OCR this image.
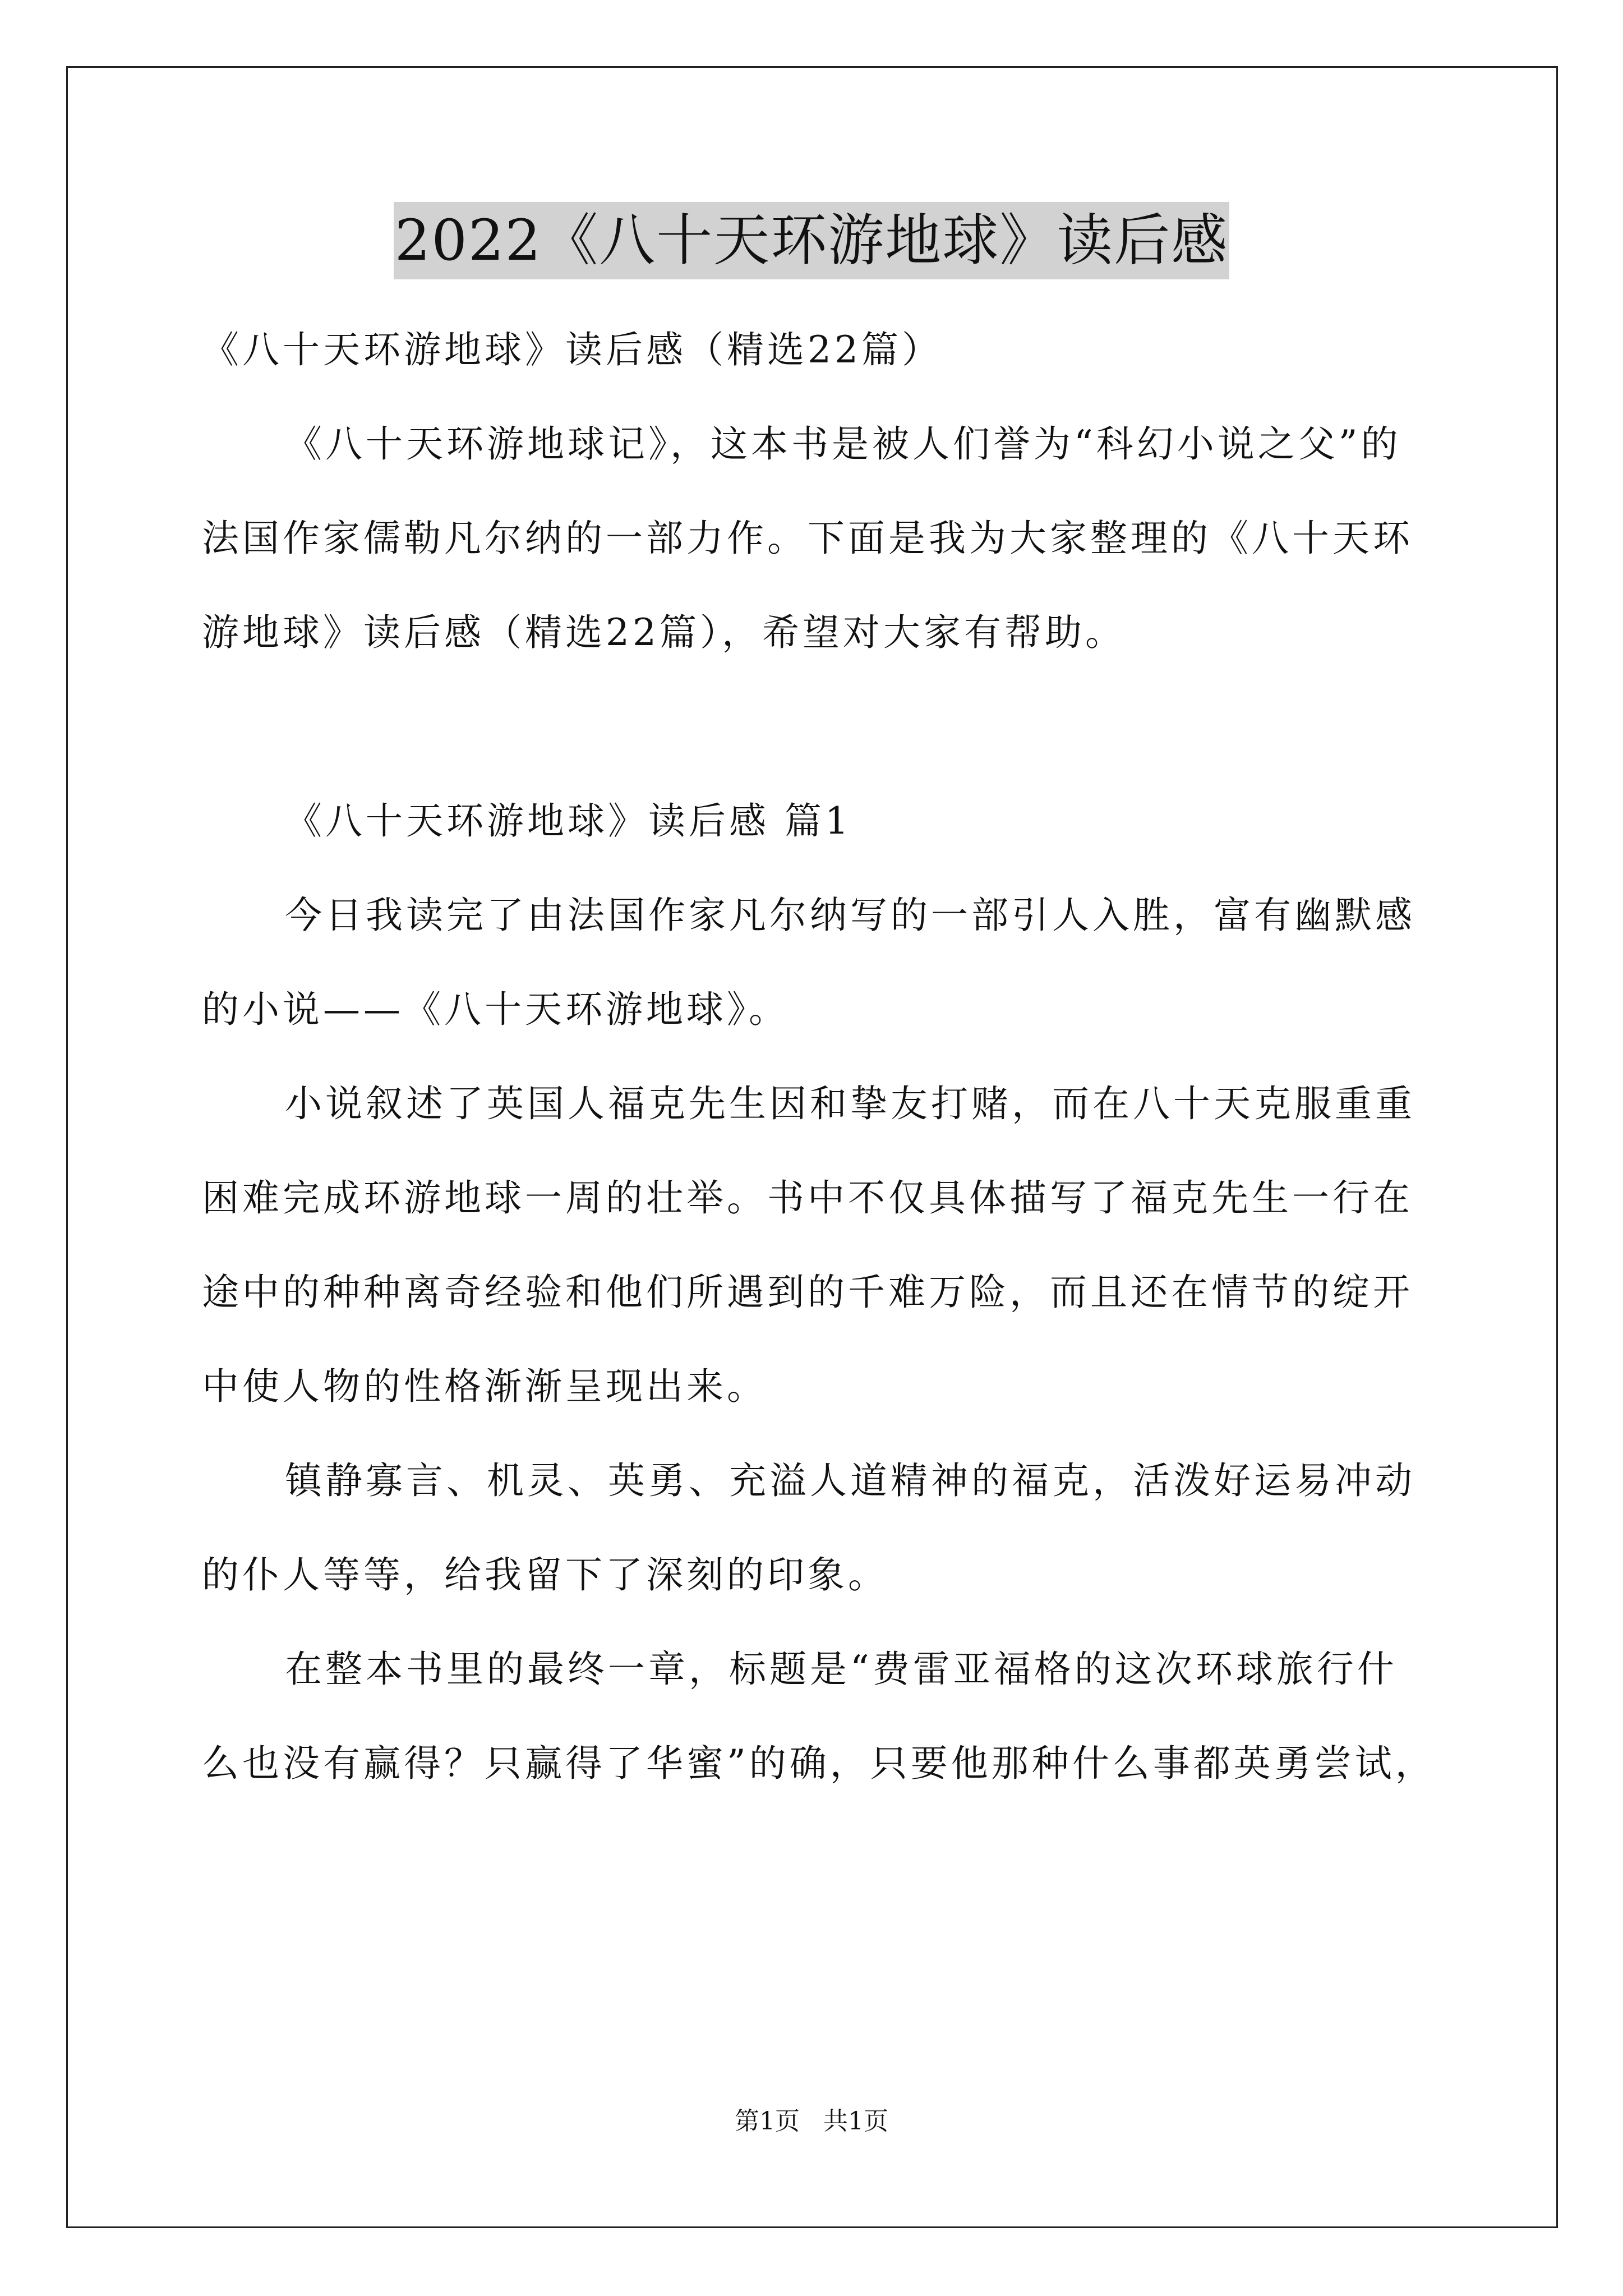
2022《八十天环游地球》读后感

《八十天环游地球》读后感（精选22篇）

《八十天环游地球记》，这本书是被人们誉为“科幻小说之父”的

法国作家儒勒凡尔纳的一部力作。下面是我为大家整理的《八十天环

游地球》读后感（精选22篇），希望对大家有帮助。

《八十天环游地球》读后感 篇1

今日我读完了由法国作家凡尔纳写的一部引人入胜，富有幽默感

的小说——《八十天环游地球》。

小说叙述了英国人福克先生因和挚友打赌，而在八十天克服重重

困难完成环游地球一周的壮举。书中不仅具体描写了福克先生一行在

途中的种种离奇经验和他们所遇到的千难万险，而且还在情节的绽开

中使人物的性格渐渐呈现出来。

镇静寡言、机灵、英勇、充溢人道精神的福克，活泼好运易冲动

的仆人等等，给我留下了深刻的印象。

在整本书里的最终一章，标题是“费雷亚福格的这次环球旅行什

么也没有赢得？只赢得了华蜜”的确，只要他那种什么事都英勇尝试，

第1页 共1页
